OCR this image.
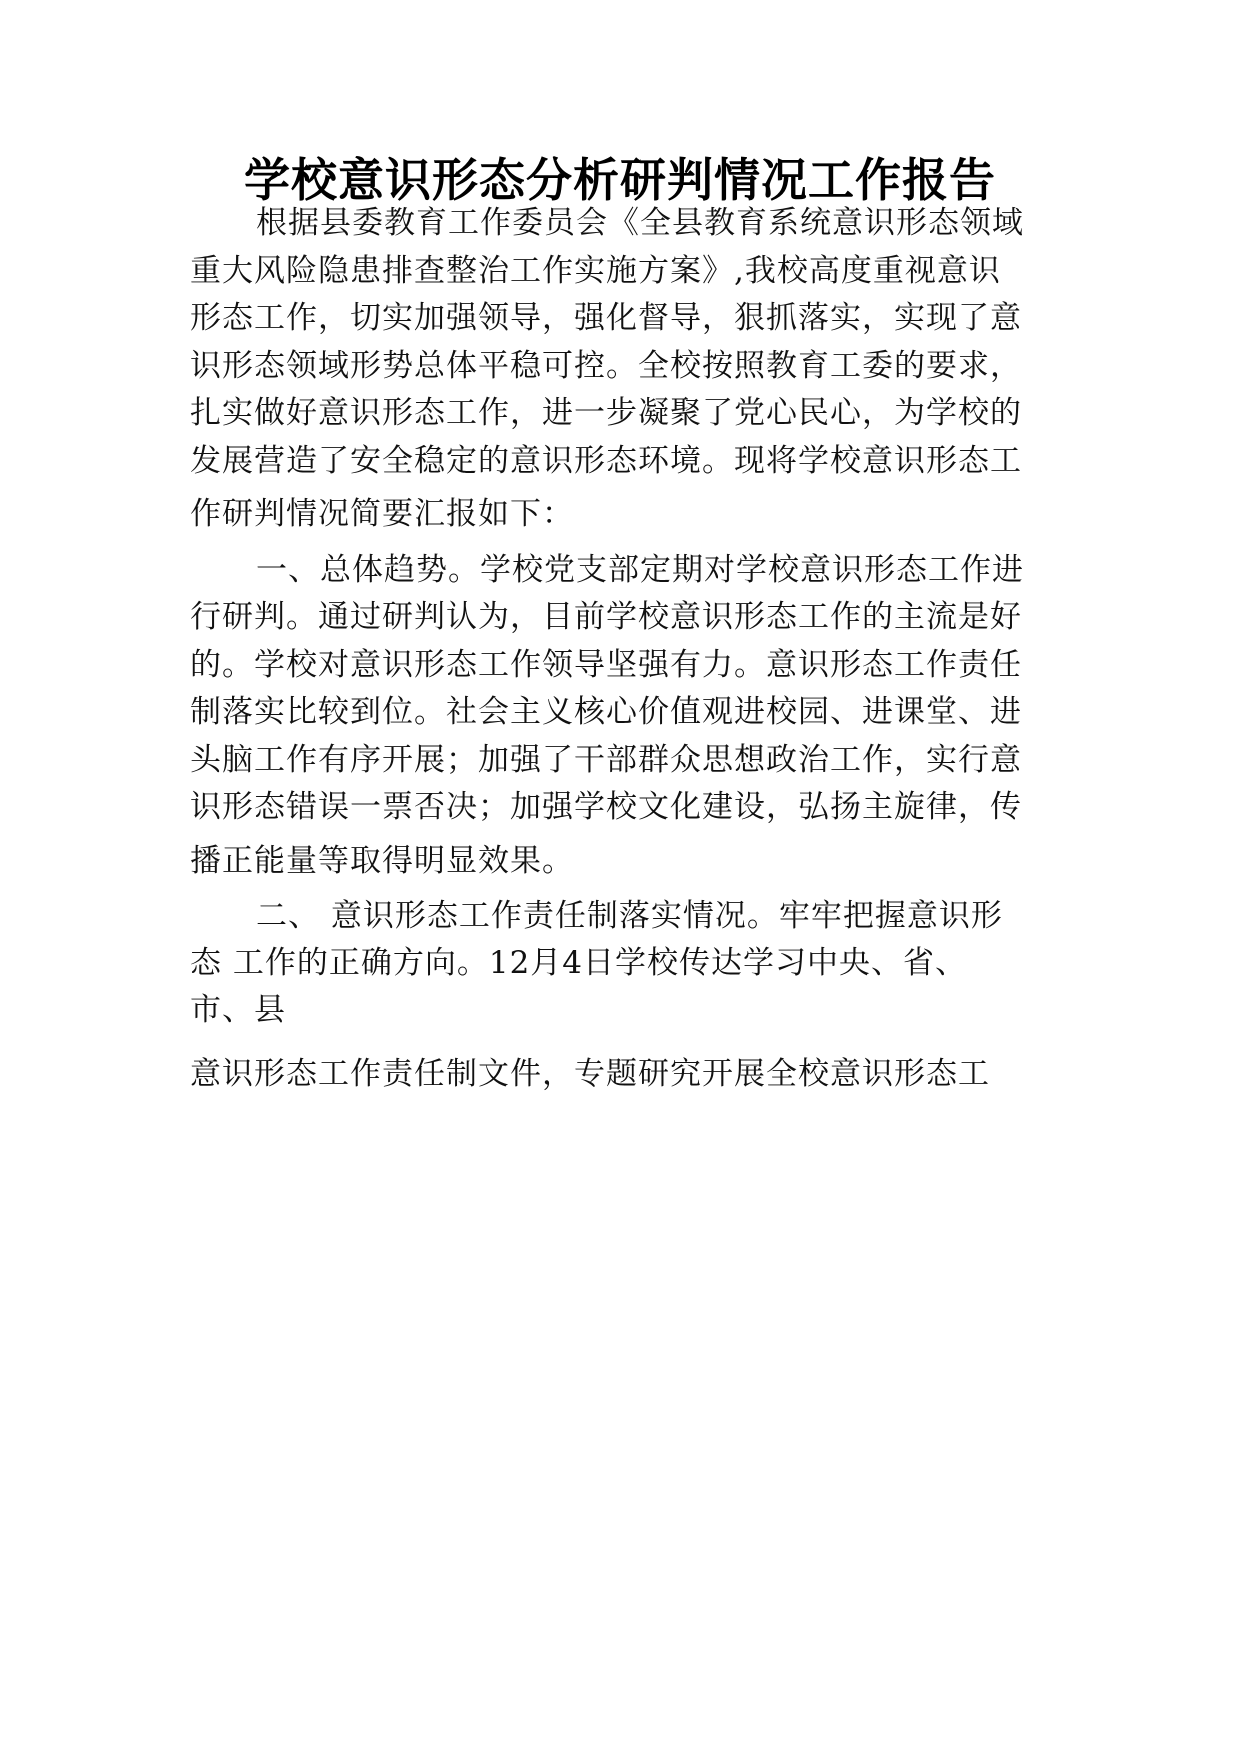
学校意识形态分析研判情况工作报告
根据县委教育工作委员会《全县教育系统意识形态领域
重大风险隐患排查整治工作实施方案》,我校高度重视意识
形态工作，切实加强领导，强化督导，狠抓落实，实现了意
识形态领域形势总体平稳可控。全校按照教育工委的要求，
扎实做好意识形态工作，进一步凝聚了党心民心，为学校的
发展营造了安全稳定的意识形态环境。现将学校意识形态工
作研判情况简要汇报如下：
一、总体趋势。学校党支部定期对学校意识形态工作进
行研判。通过研判认为，目前学校意识形态工作的主流是好
的。学校对意识形态工作领导坚强有力。意识形态工作责任
制落实比较到位。社会主义核心价值观进校园、进课堂、进
头脑工作有序开展；加强了干部群众思想政治工作，实行意
识形态错误一票否决；加强学校文化建设，弘扬主旋律，传
播正能量等取得明显效果。
二、 意识形态工作责任制落实情况。牢牢把握意识形
态 工作的正确方向。12月4日学校传达学习中央、省、
市、县
意识形态工作责任制文件，专题研究开展全校意识形态工
